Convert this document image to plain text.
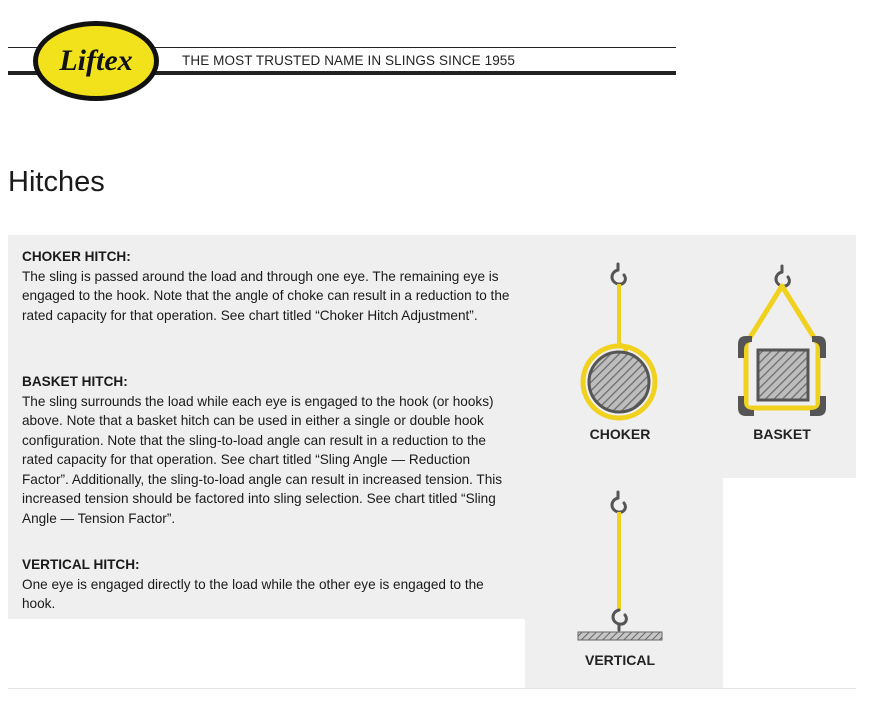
Liftex	THE MOST TRUSTED NAME IN SLINGS SINCE 1955
Hitches
CHOKER HITCH:

The sling is passed around the load and through one eye. The remaining eye is engaged to the hook. Note that the angle of choke can result in a reduction to the rated capacity for that operation. See chart titled “Choker Hitch Adjustment”.

BASKET HITCH:

The sling surrounds the load while each eye is engaged to the hook (or hooks) above. Note that a basket hitch can be used in either a single or double hook configuration. Note that the sling-to-load angle can result in a reduction to the rated capacity for that operation. See chart titled “Sling Angle — Reduction Factor”. Additionally, the sling-to-load angle can result in increased tension. This increased tension should be factored into sling selection. See chart titled “Sling Angle — Tension Factor”.

VERTICAL HITCH:

One eye is engaged directly to the load while the other eye is engaged to the hook.

CHOKER	BASKET
VERTICAL
